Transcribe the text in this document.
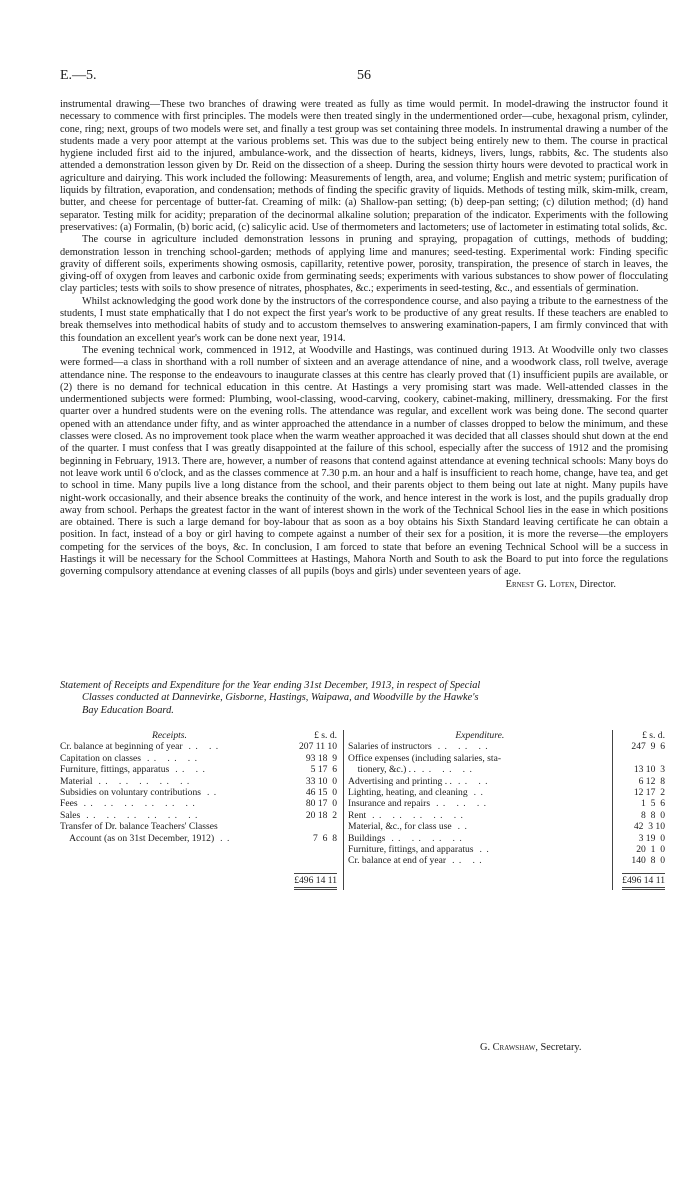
E.—5.	56

instrumental drawing—These two branches of drawing were treated as fully as time would permit. In model-drawing the instructor found it necessary to commence with first principles. The models were then treated singly in the undermentioned order—cube, hexagonal prism, cylinder, cone, ring; next, groups of two models were set, and finally a test group was set containing three models. In instrumental drawing a number of the students made a very poor attempt at the various problems set. This was due to the subject being entirely new to them. The course in practical hygiene included first aid to the injured, ambulance-work, and the dissection of hearts, kidneys, livers, lungs, rabbits, &c. The students also attended a demonstration lesson given by Dr. Reid on the dissection of a sheep. During the session thirty hours were devoted to practical work in agriculture and dairying. This work included the following: Measurements of length, area, and volume; English and metric system; purification of liquids by filtration, evaporation, and condensation; methods of finding the specific gravity of liquids. Methods of testing milk, skim-milk, cream, butter, and cheese for percentage of butter-fat. Creaming of milk: (a) Shallow-pan setting; (b) deep-pan setting; (c) dilution method; (d) hand separator. Testing milk for acidity; preparation of the decinormal alkaline solution; preparation of the indicator. Experiments with the following preservatives: (a) Formalin, (b) boric acid, (c) salicylic acid. Use of thermometers and lactometers; use of lactometer in estimating total solids, &c.

The course in agriculture included demonstration lessons in pruning and spraying, propagation of cuttings, methods of budding; demonstration lesson in trenching school-garden; methods of applying lime and manures; seed-testing. Experimental work: Finding specific gravity of different soils, experiments showing osmosis, capillarity, retentive power, porosity, transpiration, the presence of starch in leaves, the giving-off of oxygen from leaves and carbonic oxide from germinating seeds; experiments with various substances to show power of flocculating clay particles; tests with soils to show presence of nitrates, phosphates, &c.; experiments in seed-testing, &c., and essentials of germination.

Whilst acknowledging the good work done by the instructors of the correspondence course, and also paying a tribute to the earnestness of the students, I must state emphatically that I do not expect the first year's work to be productive of any great results. If these teachers are enabled to break themselves into methodical habits of study and to accustom themselves to answering examination-papers, I am firmly convinced that with this foundation an excellent year's work can be done next year, 1914.

The evening technical work, commenced in 1912, at Woodville and Hastings, was continued during 1913. At Woodville only two classes were formed—a class in shorthand with a roll number of sixteen and an average attendance of nine, and a woodwork class, roll twelve, average attendance nine. The response to the endeavours to inaugurate classes at this centre has clearly proved that (1) insufficient pupils are available, or (2) there is no demand for technical education in this centre. At Hastings a very promising start was made. Well-attended classes in the undermentioned subjects were formed: Plumbing, wool-classing, wood-carving, cookery, cabinet-making, millinery, dressmaking. For the first quarter over a hundred students were on the evening rolls. The attendance was regular, and excellent work was being done. The second quarter opened with an attendance under fifty, and as winter approached the attendance in a number of classes dropped to below the minimum, and these classes were closed. As no improvement took place when the warm weather approached it was decided that all classes should shut down at the end of the quarter. I must confess that I was greatly disappointed at the failure of this school, especially after the success of 1912 and the promising beginning in February, 1913. There are, however, a number of reasons that contend against attendance at evening technical schools: Many boys do not leave work until 6 o'clock, and as the classes commence at 7.30 p.m. an hour and a half is insufficient to reach home, change, have tea, and get to school in time. Many pupils live a long distance from the school, and their parents object to them being out late at night. Many pupils have night-work occasionally, and their absence breaks the continuity of the work, and hence interest in the work is lost, and the pupils gradually drop away from school. Perhaps the greatest factor in the want of interest shown in the work of the Technical School lies in the ease in which positions are obtained. There is such a large demand for boy-labour that as soon as a boy obtains his Sixth Standard leaving certificate he can obtain a position. In fact, instead of a boy or girl having to compete against a number of their sex for a position, it is more the reverse—the employers competing for the services of the boys, &c. In conclusion, I am forced to state that before an evening Technical School will be a success in Hastings it will be necessary for the School Committees at Hastings, Mahora North and South to ask the Board to put into force the regulations governing compulsory attendance at evening classes of all pupils (boys and girls) under seventeen years of age.

Ernest G. Loten, Director.
Statement of Receipts and Expenditure for the Year ending 31st December, 1913, in respect of Special
Classes conducted at Dannevirke, Gisborne, Hastings, Waipawa, and Woodville by the Hawke's
Bay Education Board.
Receipts.	£ s. d.	Expenditure.	£ s. d.
Cr. balance at beginning of year . .   . .	207 11 10	Salaries of instructors . .   . .   . .	247  9  6
Capitation on classes . .   . .   . .	93 18  9	Office expenses (including salaries, sta-	
Furniture, fittings, apparatus . .   . .	5 17  6	tionery, &c.) . . . .   . .   . .	13 10  3
Material . .   . .   . .   . .   . .	33 10  0	Advertising and printing . . . .   . .	6 12  8
Subsidies on voluntary contributions . .	46 15  0	Lighting, heating, and cleaning . .	12 17  2
Fees . .   . .   . .   . .   . .   . .	80 17  0	Insurance and repairs . .   . .   . .	1  5  6
Sales . .   . .   . .   . .   . .   . .	20 18  2	Rent . .   . .   . .   . .   . .	8  8  0
Transfer of Dr. balance Teachers' Classes		Material, &c., for class use . .	42  3 10
Account (as on 31st December, 1912) . .	7  6  8	Buildings . .   . .   . .   . .	3 19  0
		Furniture, fittings, and apparatus . .	20  1  0
		Cr. balance at end of year . .   . .	140  8  0
	£496 14 11		£496 14 11
G. Crawshaw, Secretary.
